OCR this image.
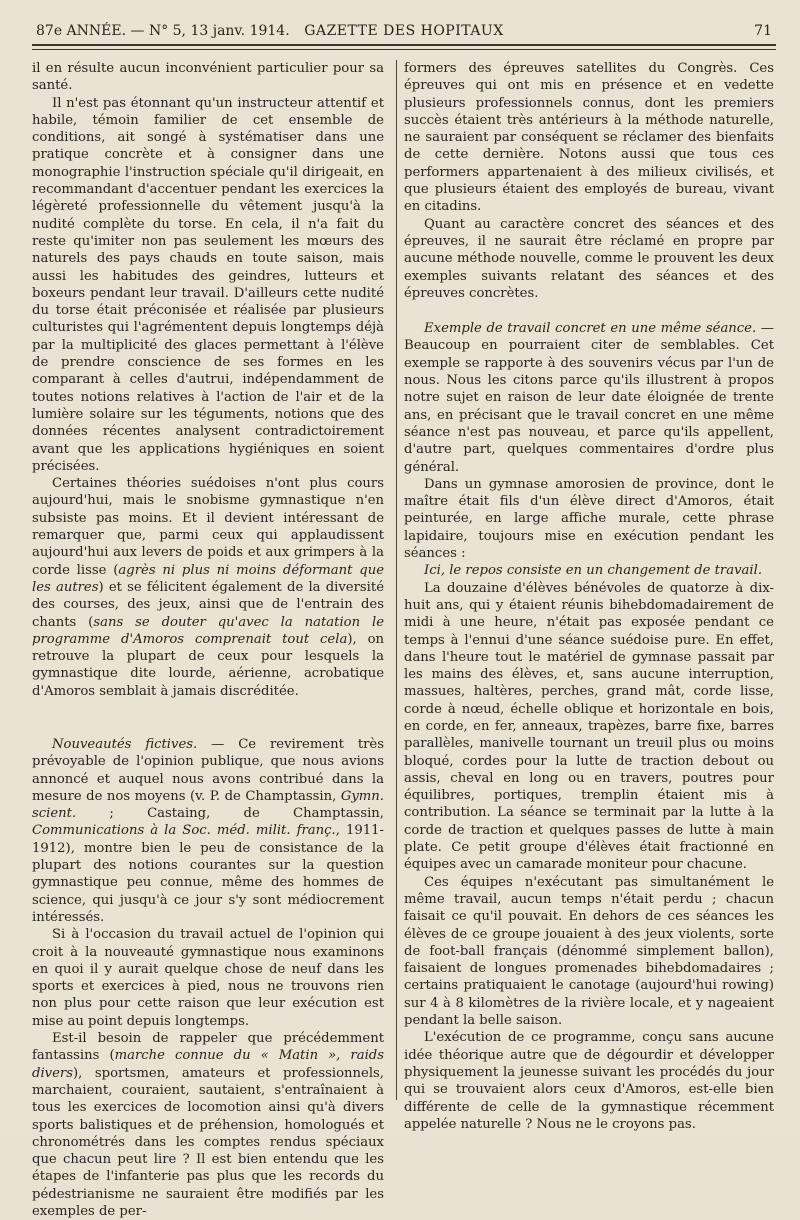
87e ANNÉE. — N° 5, 13 janv. 1914.	GAZETTE DES HOPITAUX	71

il en résulte aucun inconvénient particulier pour sa santé.

Il n'est pas étonnant qu'un instructeur attentif et habile, témoin familier de cet ensemble de conditions, ait songé à systématiser dans une pratique concrète et à consigner dans une monographie l'instruction spéciale qu'il dirigeait, en recommandant d'accentuer pendant les exercices la légèreté professionnelle du vêtement jusqu'à la nudité complète du torse. En cela, il n'a fait du reste qu'imiter non pas seulement les mœurs des naturels des pays chauds en toute saison, mais aussi les habitudes des geindres, lutteurs et boxeurs pendant leur travail. D'ailleurs cette nudité du torse était préconisée et réalisée par plusieurs culturistes qui l'agrémentent depuis longtemps déjà par la multiplicité des glaces permettant à l'élève de prendre conscience de ses formes en les comparant à celles d'autrui, indépendamment de toutes notions relatives à l'action de l'air et de la lumière solaire sur les téguments, notions que des données récentes analysent contradictoirement avant que les applications hygiéniques en soient précisées.

Certaines théories suédoises n'ont plus cours aujourd'hui, mais le snobisme gymnastique n'en subsiste pas moins. Et il devient intéressant de remarquer que, parmi ceux qui applaudissent aujourd'hui aux levers de poids et aux grimpers à la corde lisse (agrès ni plus ni moins déformant que les autres) et se félicitent également de la diversité des courses, des jeux, ainsi que de l'entrain des chants (sans se douter qu'avec la natation le programme d'Amoros comprenait tout cela), on retrouve la plupart de ceux pour lesquels la gymnastique dite lourde, aérienne, acrobatique d'Amoros semblait à jamais discréditée.

Nouveautés fictives. — Ce revirement très prévoyable de l'opinion publique, que nous avions annoncé et auquel nous avons contribué dans la mesure de nos moyens (v. P. de Champtassin, Gymn. scient. ; Castaing, de Champtassin, Communications à la Soc. méd. milit. franç., 1911-1912), montre bien le peu de consistance de la plupart des notions courantes sur la question gymnastique peu connue, même des hommes de science, qui jusqu'à ce jour s'y sont médiocrement intéressés.

Si à l'occasion du travail actuel de l'opinion qui croit à la nouveauté gymnastique nous examinons en quoi il y aurait quelque chose de neuf dans les sports et exercices à pied, nous ne trouvons rien non plus pour cette raison que leur exécution est mise au point depuis longtemps.

Est-il besoin de rappeler que précédemment fantassins (marche connue du « Matin », raids divers), sportsmen, amateurs et professionnels, marchaient, couraient, sautaient, s'entraînaient à tous les exercices de locomotion ainsi qu'à divers sports balistiques et de préhension, homologués et chronométrés dans les comptes rendus spéciaux que chacun peut lire ? Il est bien entendu que les étapes de l'infanterie pas plus que les records du pédestrianisme ne sauraient être modifiés par les exemples de per-

formers des épreuves satellites du Congrès. Ces épreuves qui ont mis en présence et en vedette plusieurs professionnels connus, dont les premiers succès étaient très antérieurs à la méthode naturelle, ne sauraient par conséquent se réclamer des bienfaits de cette dernière. Notons aussi que tous ces performers appartenaient à des milieux civilisés, et que plusieurs étaient des employés de bureau, vivant en citadins.

Quant au caractère concret des séances et des épreuves, il ne saurait être réclamé en propre par aucune méthode nouvelle, comme le prouvent les deux exemples suivants relatant des séances et des épreuves concrètes.

Exemple de travail concret en une même séance. — Beaucoup en pourraient citer de semblables. Cet exemple se rapporte à des souvenirs vécus par l'un de nous. Nous les citons parce qu'ils illustrent à propos notre sujet en raison de leur date éloignée de trente ans, en précisant que le travail concret en une même séance n'est pas nouveau, et parce qu'ils appellent, d'autre part, quelques commentaires d'ordre plus général.

Dans un gymnase amorosien de province, dont le maître était fils d'un élève direct d'Amoros, était peinturée, en large affiche murale, cette phrase lapidaire, toujours mise en exécution pendant les séances :

Ici, le repos consiste en un changement de travail.

La douzaine d'élèves bénévoles de quatorze à dix-huit ans, qui y étaient réunis bihebdomadairement de midi à une heure, n'était pas exposée pendant ce temps à l'ennui d'une séance suédoise pure. En effet, dans l'heure tout le matériel de gymnase passait par les mains des élèves, et, sans aucune interruption, massues, haltères, perches, grand mât, corde lisse, corde à nœud, échelle oblique et horizontale en bois, en corde, en fer, anneaux, trapèzes, barre fixe, barres parallèles, manivelle tournant un treuil plus ou moins bloqué, cordes pour la lutte de traction debout ou assis, cheval en long ou en travers, poutres pour équilibres, portiques, tremplin étaient mis à contribution. La séance se terminait par la lutte à la corde de traction et quelques passes de lutte à main plate. Ce petit groupe d'élèves était fractionné en équipes avec un camarade moniteur pour chacune.

Ces équipes n'exécutant pas simultanément le même travail, aucun temps n'était perdu ; chacun faisait ce qu'il pouvait. En dehors de ces séances les élèves de ce groupe jouaient à des jeux violents, sorte de foot-ball français (dénommé simplement ballon), faisaient de longues promenades bihebdomadaires ; certains pratiquaient le canotage (aujourd'hui rowing) sur 4 à 8 kilomètres de la rivière locale, et y nageaient pendant la belle saison.

L'exécution de ce programme, conçu sans aucune idée théorique autre que de dégourdir et développer physiquement la jeunesse suivant les procédés du jour qui se trouvaient alors ceux d'Amoros, est-elle bien différente de celle de la gymnastique récemment appelée naturelle ? Nous ne le croyons pas.
